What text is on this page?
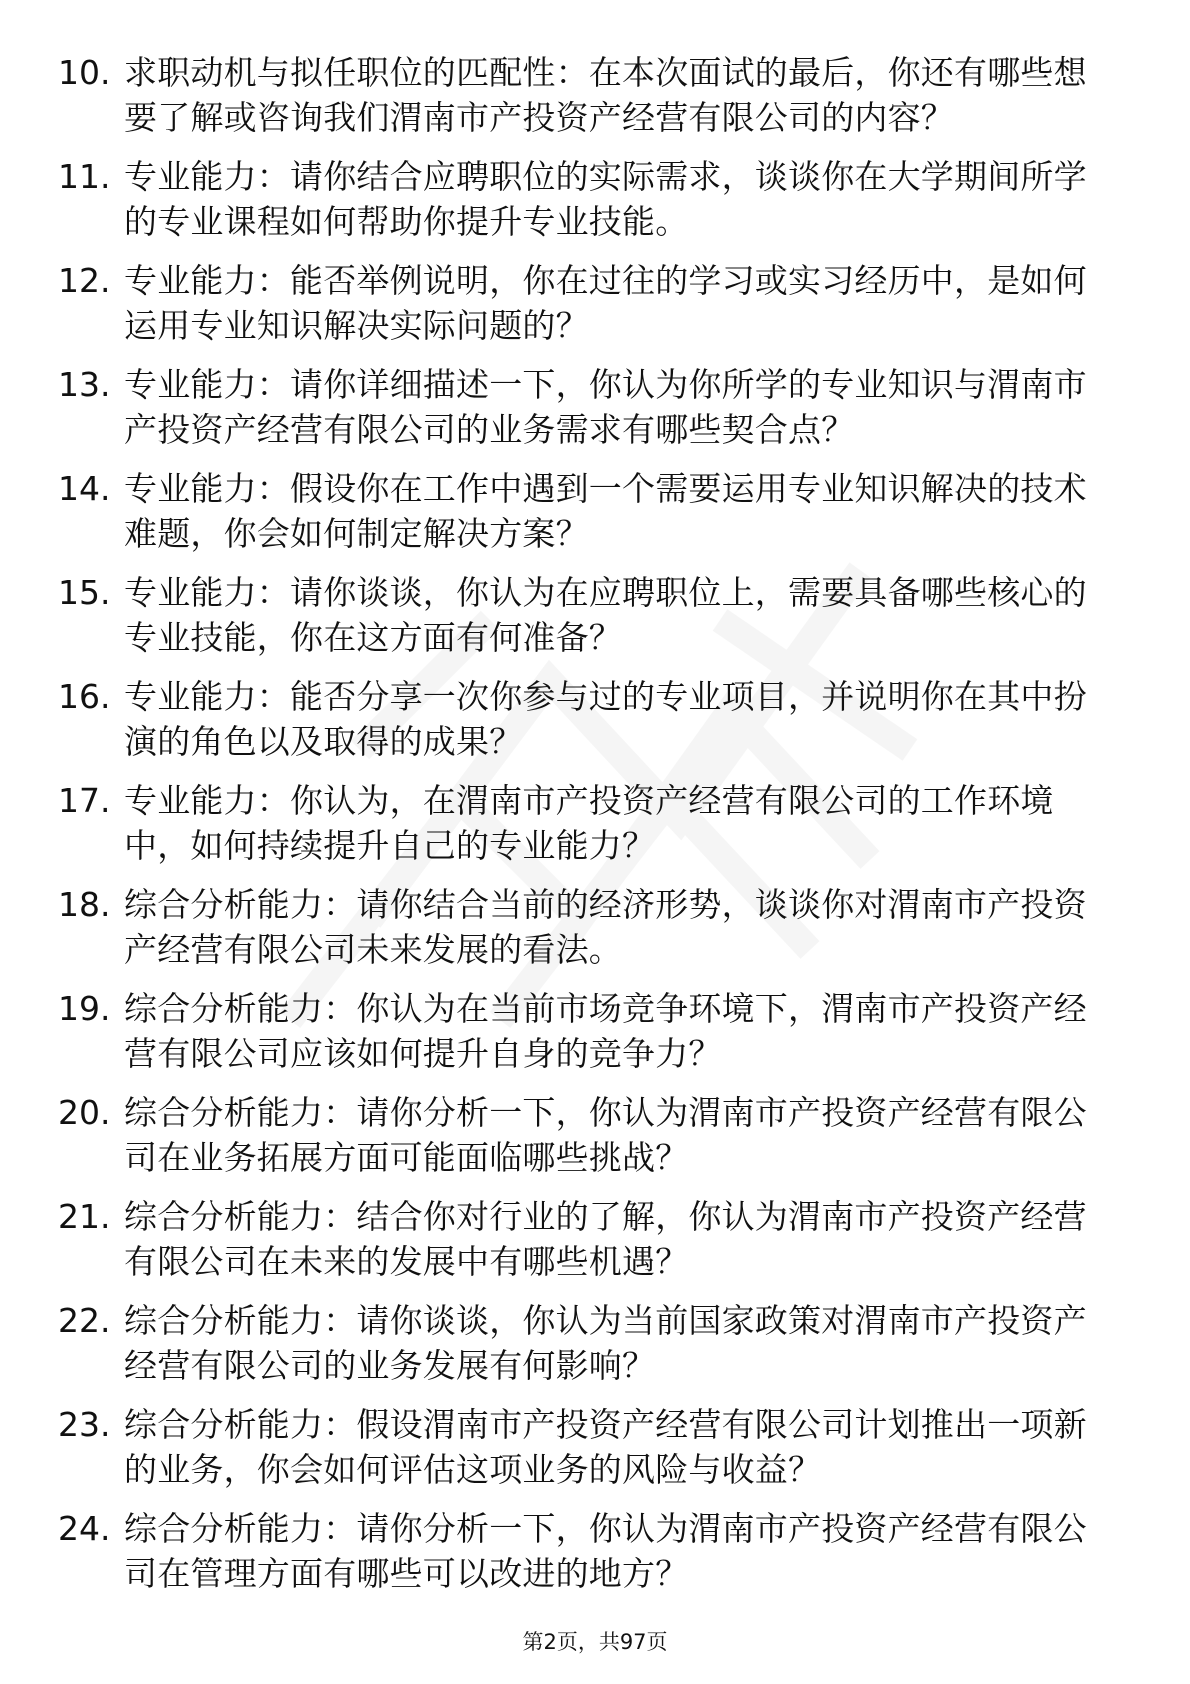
10. 求职动机与拟任职位的匹配性：在本次面试的最后，你还有哪些想要了解或咨询我们渭南市产投资产经营有限公司的内容？
11. 专业能力：请你结合应聘职位的实际需求，谈谈你在大学期间所学的专业课程如何帮助你提升专业技能。
12. 专业能力：能否举例说明，你在过往的学习或实习经历中，是如何运用专业知识解决实际问题的？
13. 专业能力：请你详细描述一下，你认为你所学的专业知识与渭南市产投资产经营有限公司的业务需求有哪些契合点？
14. 专业能力：假设你在工作中遇到一个需要运用专业知识解决的技术难题，你会如何制定解决方案？
15. 专业能力：请你谈谈，你认为在应聘职位上，需要具备哪些核心的专业技能，你在这方面有何准备？
16. 专业能力：能否分享一次你参与过的专业项目，并说明你在其中扮演的角色以及取得的成果？
17. 专业能力：你认为，在渭南市产投资产经营有限公司的工作环境中，如何持续提升自己的专业能力？
18. 综合分析能力：请你结合当前的经济形势，谈谈你对渭南市产投资产经营有限公司未来发展的看法。
19. 综合分析能力：你认为在当前市场竞争环境下，渭南市产投资产经营有限公司应该如何提升自身的竞争力？
20. 综合分析能力：请你分析一下，你认为渭南市产投资产经营有限公司在业务拓展方面可能面临哪些挑战？
21. 综合分析能力：结合你对行业的了解，你认为渭南市产投资产经营有限公司在未来的发展中有哪些机遇？
22. 综合分析能力：请你谈谈，你认为当前国家政策对渭南市产投资产经营有限公司的业务发展有何影响？
23. 综合分析能力：假设渭南市产投资产经营有限公司计划推出一项新的业务，你会如何评估这项业务的风险与收益？
24. 综合分析能力：请你分析一下，你认为渭南市产投资产经营有限公司在管理方面有哪些可以改进的地方？
第2页，共97页
